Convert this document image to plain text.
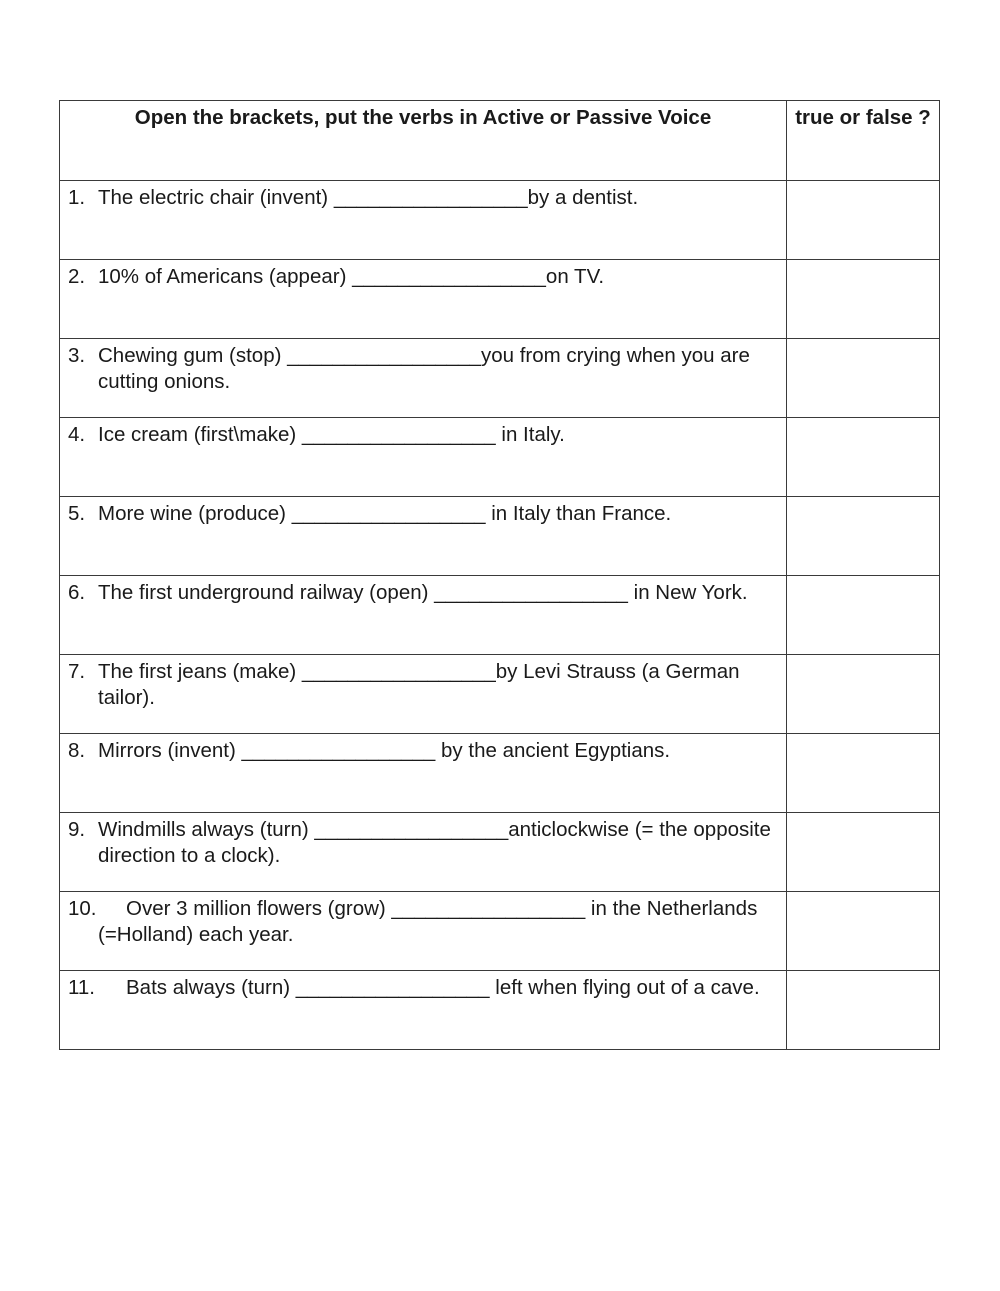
Open the brackets, put the verbs in Active or Passive Voice	true or false ?

1. The electric chair (invent) _________________by a dentist.	

2. 10% of Americans (appear) _________________on TV.	

3. Chewing gum (stop) _________________you from crying when you are cutting onions.	

4. Ice cream (first\make) _________________ in Italy.	

5. More wine (produce) _________________ in Italy than France.	

6. The first underground railway (open) _________________ in New York.	

7. The first jeans (make) _________________by Levi Strauss (a German tailor).	

8. Mirrors (invent) _________________ by the ancient Egyptians.	

9. Windmills always (turn) _________________anticlockwise (= the opposite direction to a clock).	

10. Over 3 million flowers (grow) _________________ in the Netherlands (=Holland) each year.	

11. Bats always (turn) _________________ left when flying out of a cave.	
